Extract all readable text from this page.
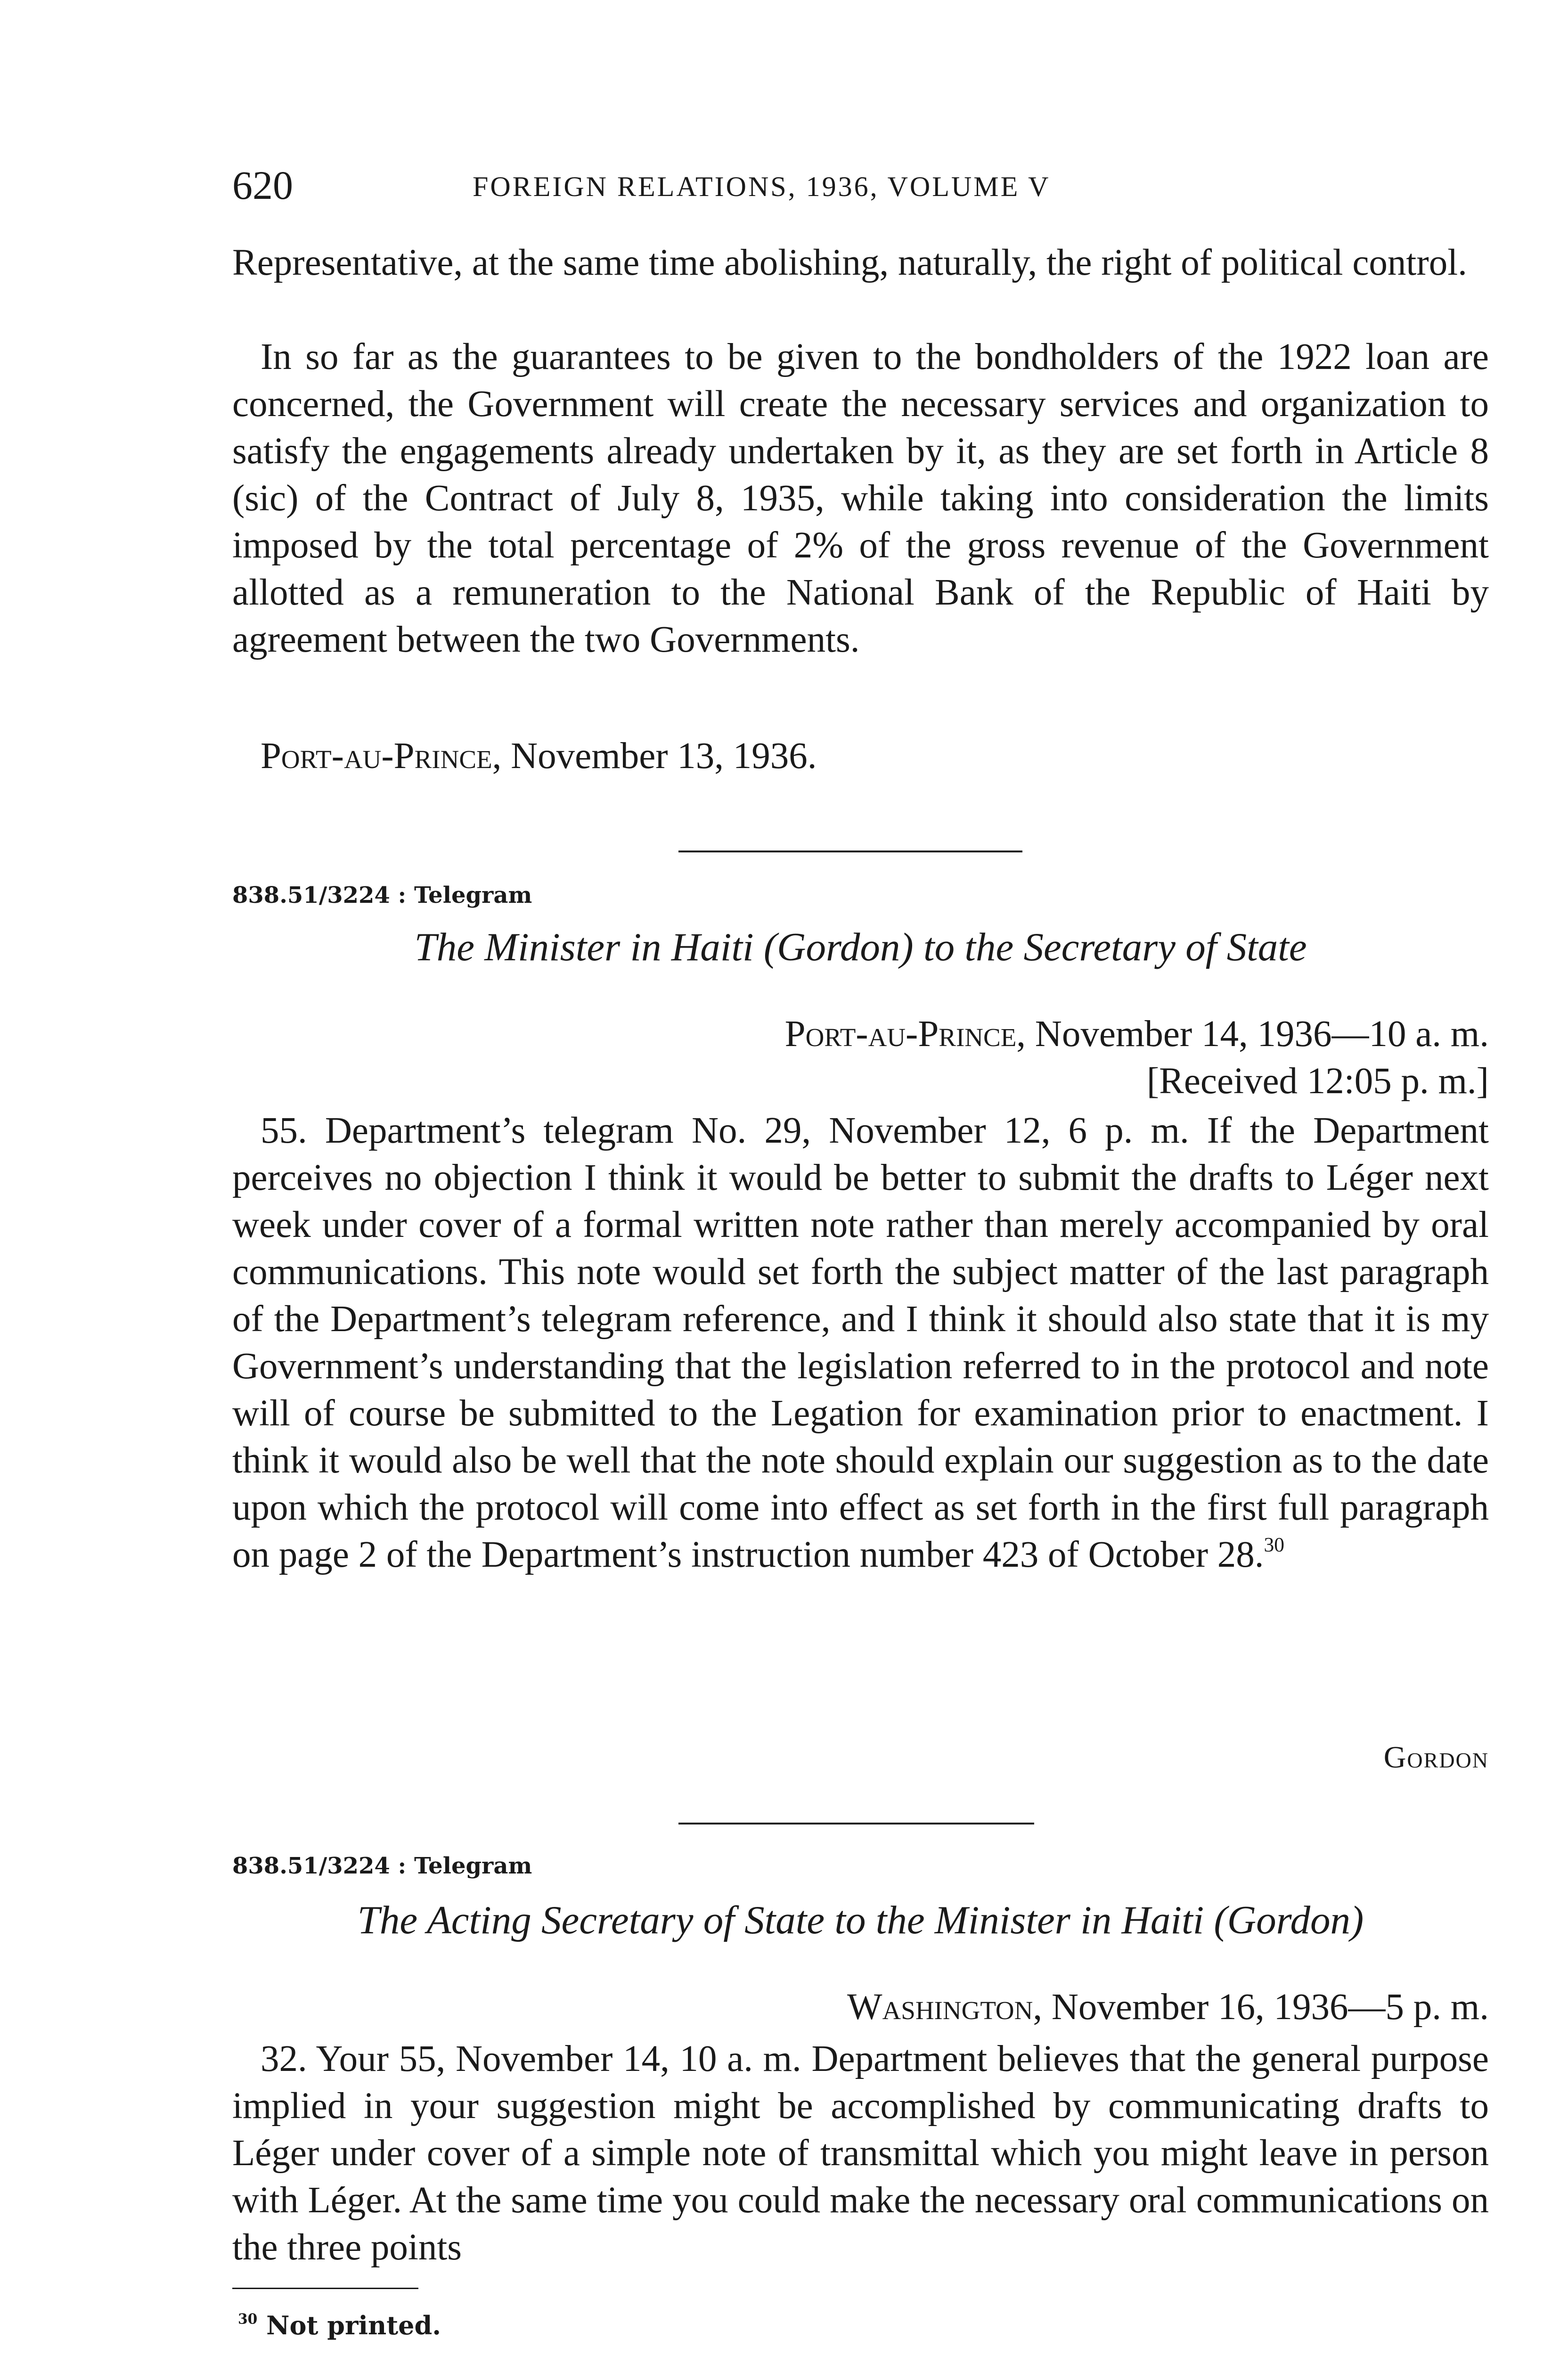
620	FOREIGN RELATIONS, 1936, VOLUME V

Representative, at the same time abolishing, naturally, the right of political control.

In so far as the guarantees to be given to the bondholders of the 1922 loan are concerned, the Government will create the necessary services and organization to satisfy the engagements already undertaken by it, as they are set forth in Article 8 (sic) of the Contract of July 8, 1935, while taking into consideration the limits imposed by the total percentage of 2% of the gross revenue of the Government allotted as a remuneration to the National Bank of the Republic of Haiti by agreement between the two Governments.

Port-au-Prince, November 13, 1936.

838.51/3224 : Telegram

The Minister in Haiti (Gordon) to the Secretary of State

Port-au-Prince, November 14, 1936—10 a. m.

[Received 12:05 p. m.]

55. Department’s telegram No. 29, November 12, 6 p. m. If the Department perceives no objection I think it would be better to submit the drafts to Léger next week under cover of a formal written note rather than merely accompanied by oral communications. This note would set forth the subject matter of the last paragraph of the Department’s telegram reference, and I think it should also state that it is my Government’s understanding that the legislation referred to in the protocol and note will of course be submitted to the Legation for examination prior to enactment. I think it would also be well that the note should explain our suggestion as to the date upon which the protocol will come into effect as set forth in the first full paragraph on page 2 of the Department’s instruction number 423 of October 28.30

Gordon

838.51/3224 : Telegram

The Acting Secretary of State to the Minister in Haiti (Gordon)

Washington, November 16, 1936—5 p. m.

32. Your 55, November 14, 10 a. m. Department believes that the general purpose implied in your suggestion might be accomplished by communicating drafts to Léger under cover of a simple note of transmittal which you might leave in person with Léger. At the same time you could make the necessary oral communications on the three points

$^{30}$ Not printed.
